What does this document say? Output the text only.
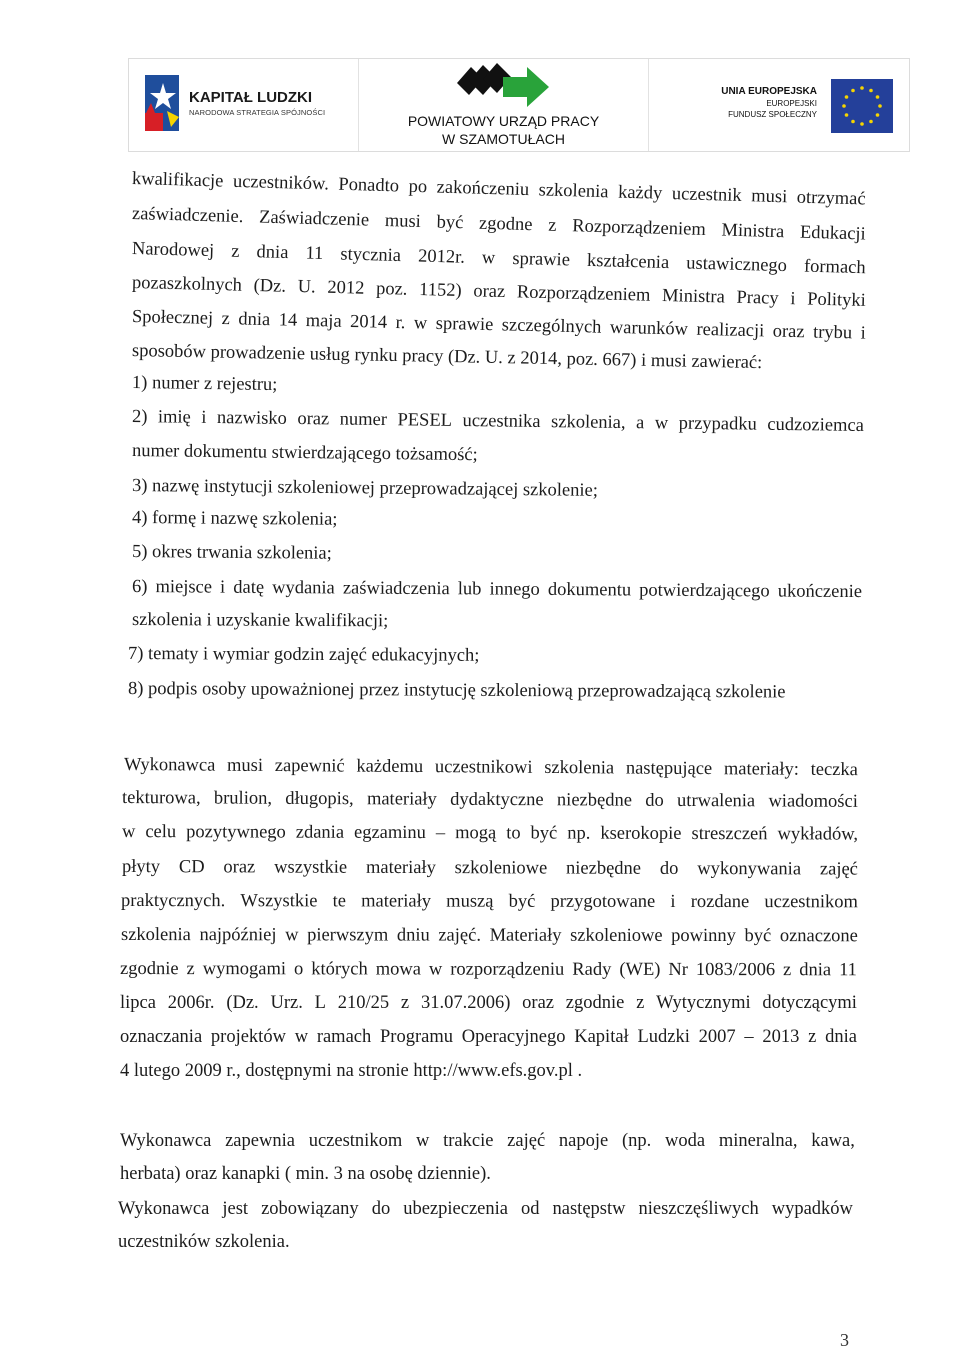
KAPITAŁ LUDZKI
NARODOWA STRATEGIA SPÓJNOŚCI
POWIATOWY URZĄD PRACY
W SZAMOTUŁACH
UNIA EUROPEJSKA
EUROPEJSKI
FUNDUSZ SPOŁECZNY
kwalifikacje uczestników. Ponadto po zakończeniu szkolenia każdy uczestnik musi otrzymać
zaświadczenie. Zaświadczenie musi być zgodne z Rozporządzeniem Ministra Edukacji
Narodowej z dnia 11 stycznia 2012r. w sprawie kształcenia ustawicznego formach
pozaszkolnych (Dz. U. 2012 poz. 1152) oraz Rozporządzeniem Ministra Pracy i Polityki
Społecznej z dnia 14 maja 2014 r. w sprawie szczególnych warunków realizacji oraz trybu i
sposobów prowadzenie usług rynku pracy (Dz. U. z 2014, poz. 667) i musi zawierać:
1) numer z rejestru;
2) imię i nazwisko oraz numer PESEL uczestnika szkolenia, a w przypadku cudzoziemca
numer dokumentu stwierdzającego tożsamość;
3) nazwę instytucji szkoleniowej przeprowadzającej szkolenie;
4) formę i nazwę szkolenia;
5) okres trwania szkolenia;
6) miejsce i datę wydania zaświadczenia lub innego dokumentu potwierdzającego ukończenie
szkolenia i uzyskanie kwalifikacji;
7) tematy i wymiar godzin zajęć edukacyjnych;
8) podpis osoby upoważnionej przez instytucję szkoleniową przeprowadzającą szkolenie
Wykonawca musi zapewnić każdemu uczestnikowi szkolenia następujące materiały: teczka
tekturowa, brulion, długopis, materiały dydaktyczne niezbędne do utrwalenia wiadomości
w celu pozytywnego zdania egzaminu – mogą to być np. kserokopie streszczeń wykładów,
płyty CD oraz wszystkie materiały szkoleniowe niezbędne do wykonywania zajęć
praktycznych. Wszystkie te materiały muszą być przygotowane i rozdane uczestnikom
szkolenia najpóźniej w pierwszym dniu zajęć. Materiały szkoleniowe powinny być oznaczone
zgodnie z wymogami o których mowa w rozporządzeniu Rady (WE) Nr 1083/2006 z dnia 11
lipca 2006r. (Dz. Urz. L 210/25 z 31.07.2006) oraz zgodnie z Wytycznymi dotyczącymi
oznaczania projektów w ramach Programu Operacyjnego Kapitał Ludzki 2007 – 2013 z dnia
4 lutego 2009 r., dostępnymi na stronie http://www.efs.gov.pl .
Wykonawca zapewnia uczestnikom w trakcie zajęć napoje (np. woda mineralna, kawa,
herbata) oraz kanapki ( min. 3 na osobę dziennie).
Wykonawca jest zobowiązany do ubezpieczenia od następstw nieszczęśliwych wypadków
uczestników szkolenia.
3
